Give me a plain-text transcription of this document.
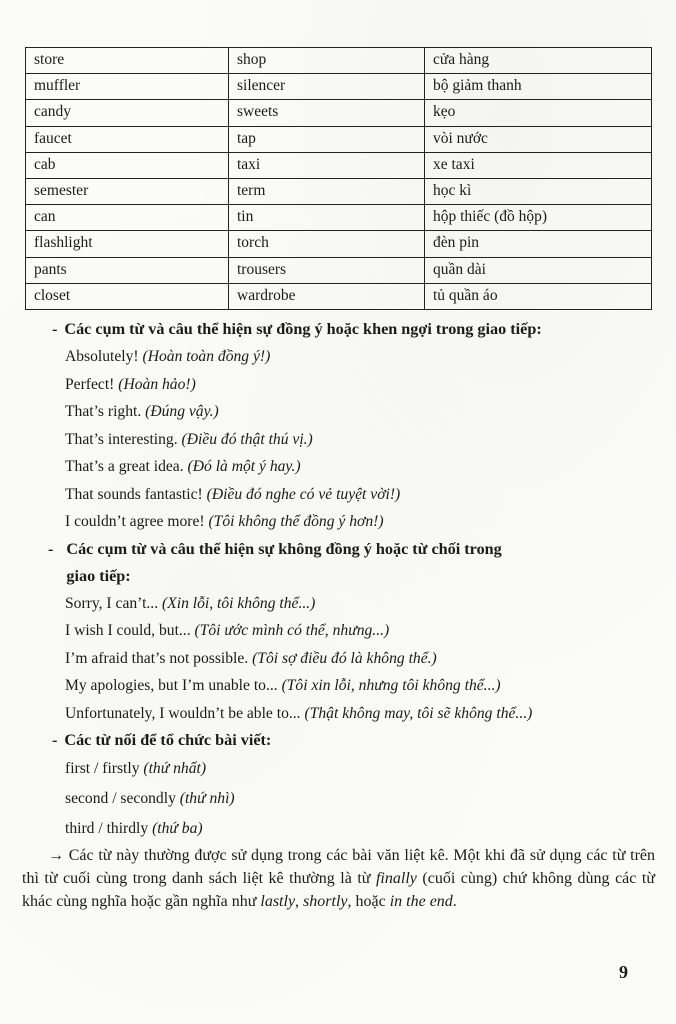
store	shop	cửa hàng
muffler	silencer	bộ giảm thanh
candy	sweets	kẹo
faucet	tap	vòi nước
cab	taxi	xe taxi
semester	term	học kì
can	tin	hộp thiếc (đồ hộp)
flashlight	torch	đèn pin
pants	trousers	quần dài
closet	wardrobe	tủ quần áo
- Các cụm từ và câu thể hiện sự đồng ý hoặc khen ngợi trong giao tiếp:
Absolutely! (Hoàn toàn đồng ý!)
Perfect! (Hoàn hảo!)
That’s right. (Đúng vậy.)
That’s interesting. (Điều đó thật thú vị.)
That’s a great idea. (Đó là một ý hay.)
That sounds fantastic! (Điều đó nghe có vẻ tuyệt vời!)
I couldn’t agree more! (Tôi không thể đồng ý hơn!)
- Các cụm từ và câu thể hiện sự không đồng ý hoặc từ chối trong
giao tiếp:
Sorry, I can’t... (Xin lỗi, tôi không thể...)
I wish I could, but... (Tôi ước mình có thể, nhưng...)
I’m afraid that’s not possible. (Tôi sợ điều đó là không thể.)
My apologies, but I’m unable to... (Tôi xin lỗi, nhưng tôi không thể...)
Unfortunately, I wouldn’t be able to... (Thật không may, tôi sẽ không thể...)
- Các từ nối để tổ chức bài viết:
first / firstly (thứ nhất)
second / secondly (thứ nhì)
third / thirdly (thứ ba)

→ Các từ này thường được sử dụng trong các bài văn liệt kê. Một khi đã sử dụng các từ trên thì từ cuối cùng trong danh sách liệt kê thường là từ finally (cuối cùng) chứ không dùng các từ khác cùng nghĩa hoặc gần nghĩa như lastly, shortly, hoặc in the end.

9
